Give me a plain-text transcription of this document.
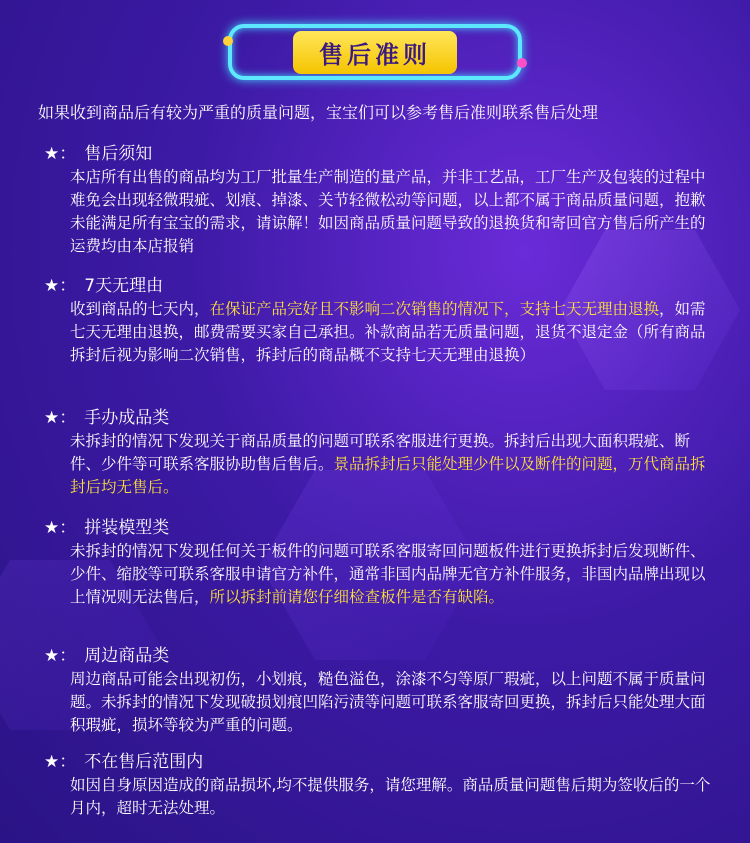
售后准则
如果收到商品后有较为严重的质量问题，宝宝们可以参考售后准则联系售后处理
★： 售后须知
本店所有出售的商品均为工厂批量生产制造的量产品，并非工艺品，工厂生产及包装的过程中难免会出现轻微瑕疵、划痕、掉漆、关节轻微松动等问题，以上都不属于商品质量问题，抱歉未能满足所有宝宝的需求，请谅解！如因商品质量问题导致的退换货和寄回官方售后所产生的运费均由本店报销
★： 7天无理由
收到商品的七天内，在保证产品完好且不影响二次销售的情况下，支持七天无理由退换，如需七天无理由退换，邮费需要买家自己承担。补款商品若无质量问题，退货不退定金（所有商品拆封后视为影响二次销售，拆封后的商品概不支持七天无理由退换）
★： 手办成品类
未拆封的情况下发现关于商品质量的问题可联系客服进行更换。拆封后出现大面积瑕疵、断件、少件等可联系客服协助售后售后。景品拆封后只能处理少件以及断件的问题，万代商品拆封后均无售后。
★： 拼装模型类
未拆封的情况下发现任何关于板件的问题可联系客服寄回问题板件进行更换拆封后发现断件、少件、缩胶等可联系客服申请官方补件，通常非国内品牌无官方补件服务，非国内品牌出现以上情况则无法售后，所以拆封前请您仔细检查板件是否有缺陷。
★： 周边商品类
周边商品可能会出现初伤，小划痕，糙色溢色，涂漆不匀等原厂瑕疵，以上问题不属于质量问题。未拆封的情况下发现破损划痕凹陷污渍等问题可联系客服寄回更换，拆封后只能处理大面积瑕疵，损坏等较为严重的问题。
★： 不在售后范围内
如因自身原因造成的商品损坏,均不提供服务，请您理解。商品质量问题售后期为签收后的一个月内，超时无法处理。
